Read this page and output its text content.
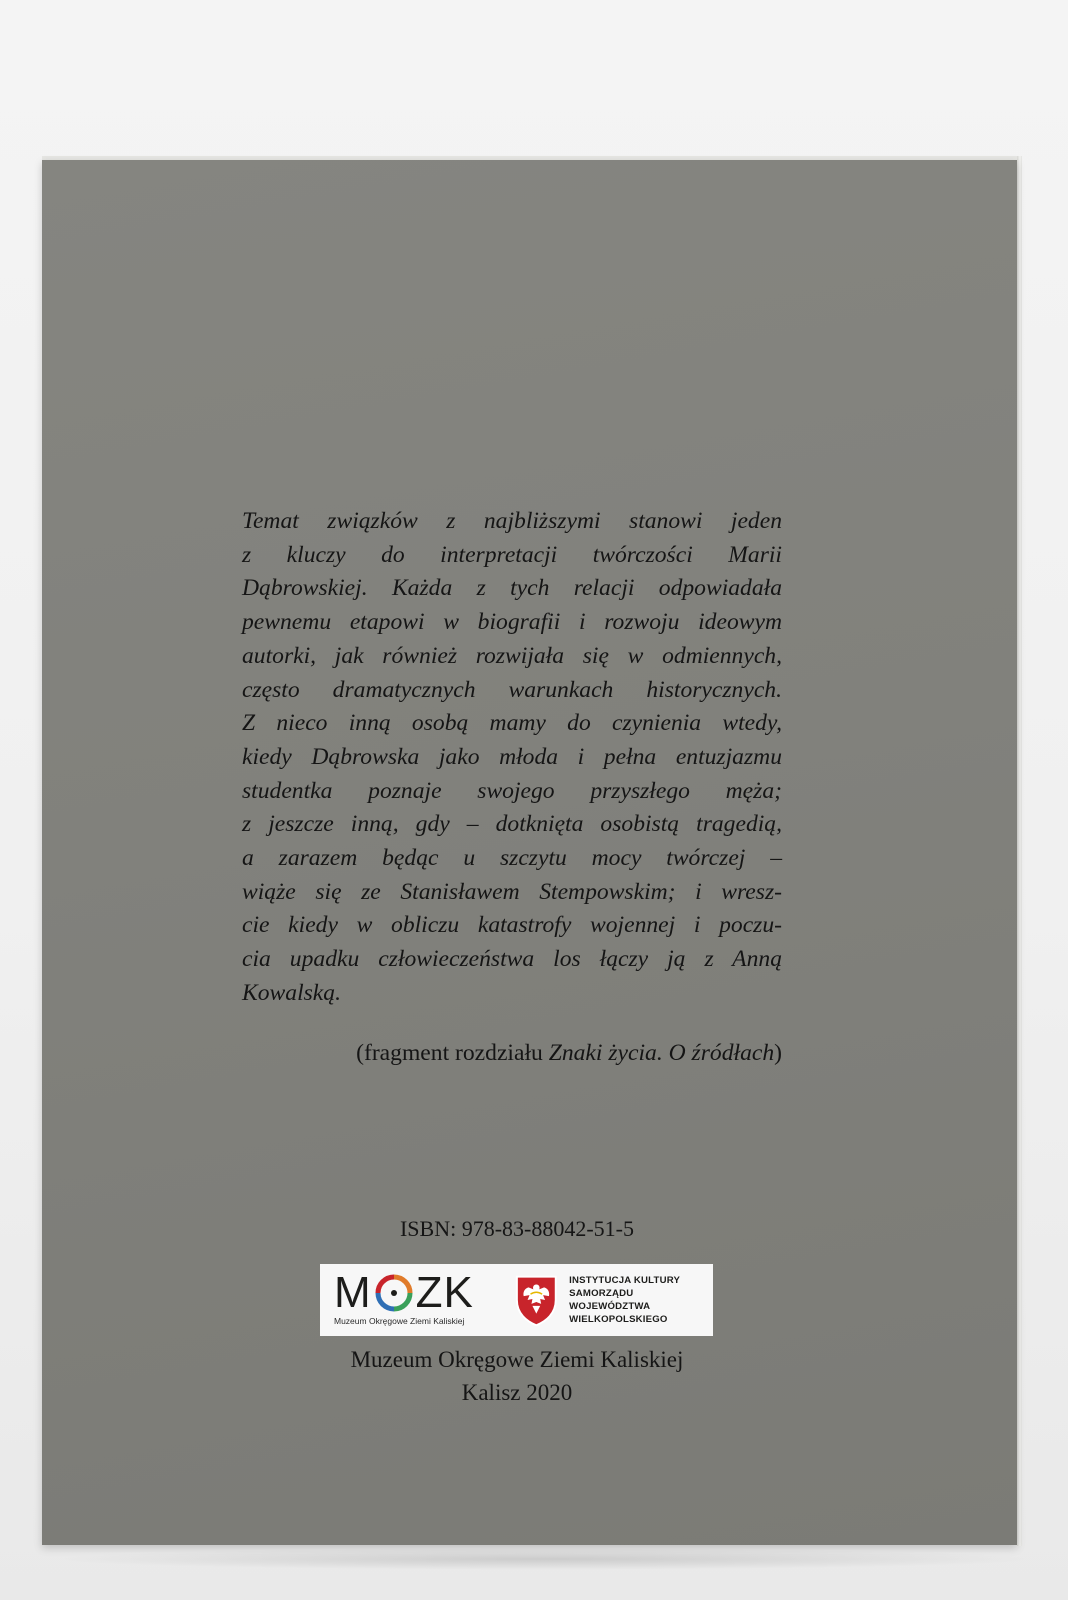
Temat związków z najbliższymi stanowi jeden
z kluczy do interpretacji twórczości Marii
Dąbrowskiej. Każda z tych relacji odpowiadała
pewnemu etapowi w biografii i rozwoju ideowym
autorki, jak również rozwijała się w odmiennych,
często dramatycznych warunkach historycznych.
Z nieco inną osobą mamy do czynienia wtedy,
kiedy Dąbrowska jako młoda i pełna entuzjazmu
studentka poznaje swojego przyszłego męża;
z jeszcze inną, gdy – dotknięta osobistą tragedią,
a zarazem będąc u szczytu mocy twórczej –
wiąże się ze Stanisławem Stempowskim; i wresz-
cie kiedy w obliczu katastrofy wojennej i poczu-
cia upadku człowieczeństwa los łączy ją z Anną
Kowalską.

(fragment rozdziału Znaki życia. O źródłach)
ISBN: 978-83-88042-51-5
M ZK
Muzeum Okręgowe Ziemi Kaliskiej
INSTYTUCJA KULTURY
SAMORZĄDU WOJEWÓDZTWA
WIELKOPOLSKIEGO
Muzeum Okręgowe Ziemi Kaliskiej
Kalisz 2020
